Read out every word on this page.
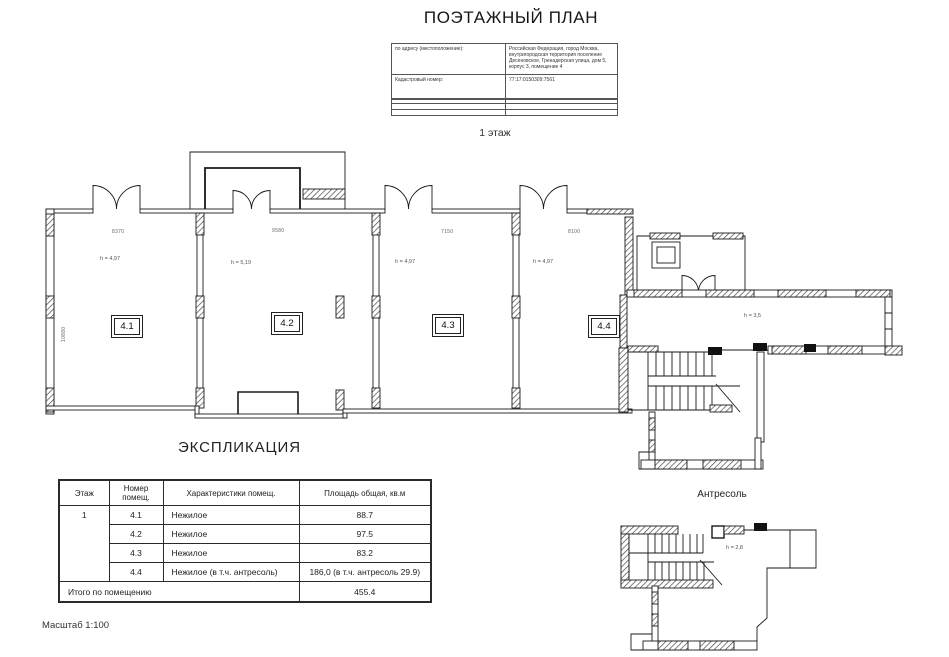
ПОЭТАЖНЫЙ ПЛАН
1 этаж
по адресу (местоположение):	Российская Федерация, город Москва, внутригородская территория поселение Десеновское, Гренадерская улица, дом 5, корпус 3, помещение 4
Кадастровый номер:	77:17:0150309:7561

4.1	4.2	4.3	4.4
8370	9580	7150	8100
10880
h = 4,97
h = 5,19	h = 4,97	h = 4,97
h = 3,5
h = 2,8
ЭКСПЛИКАЦИЯ
Этаж	Номер помещ.	Характеристики помещ.	Площадь общая, кв.м
1	4.1	Нежилое	88.7
	4.2	Нежилое	97.5
	4.3	Нежилое	83.2
	4.4	Нежилое (в т.ч. антресоль)	186,0 (в т.ч. антресоль 29.9)
Итого по помещению			455.4
Антресоль
Масштаб 1:100
